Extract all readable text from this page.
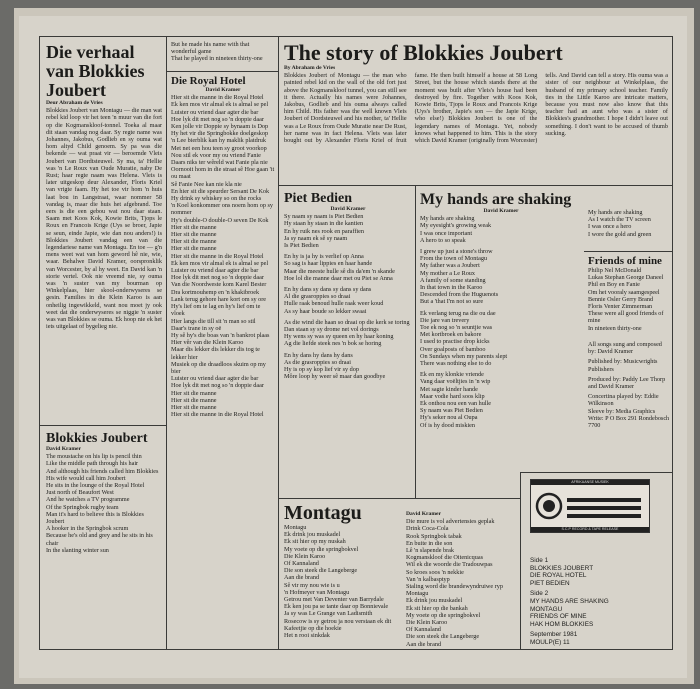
Die verhaal van Blokkies Joubert

Deur Abraham de Vries

Blokkies Joubert van Montagu — die man wat rebel kid loop vir het teen 'n muur van die fort op die Kogmanskloof-tonnel. Toeka al maar dit staan vandag nog daar. Sy regte name was Johannes, Jakobus, Godlieb en sy ouma wat hom altyd Child genoem. Sy pa was die bekende — wat praat vir — beroemde Vleis Joubert van Dordtsteuwel. Sy ma, ta' Hellie was 'n Le Roux van Oude Muratie, naby De Rust; haar regte naam was Helena. Vleis is later uitgeskop deur Alexander, Floris Kriel van vrigte faam. Hy het toe vir hom 'n huis laat bou in Langstraat, waar nommer 58 vandag is, maar die huis het afgebrand. Toe eers is die een gebou wat nou daar staan. Saam met Koos Kok, Kowie Brits, Tjops le Roux en Francois Krige (Uys se broer, Japie se seun, einde Japie, wie dan nou anders!) is Blokkies Joubert vandag een van die legendariese name van Montagu. En toe — g'n mens weet wat van hom geword hê nie, wie, waar. Behalwe David Kramer, oorspronklik van Worcester, by al hy weet. En David kan 'n storie vertel. Ook nie vreemd nie, sy ouma was 'n suster van my bourman op Winkelplaas, hier skool-onderwyseres se gesin. Families in die Klein Karoo is aan onheilig ingewikkeld, want nou moet jy ook weet dat die onderwyseres se niggie 'n suster was van Blokkies se ouma. Ek hoop nie ek het iets uitgelaat of bygelieg nie.

Blokkies Joubert

David Kramer

The moustache on his lip is pencil thin

Like the middle path through his hair

And although his friends called him Blokkies

His wife would call him Joubert

He sits in the lounge of the Royal Hotel

Just north of Beaufort West

And he watches a TV programme

Of the Springbok rugby team

Man it's hard to believe this is Blokkies Joubert

A hooker in the Springbok scrum

Because he's old and grey and he sits in his chair

In the slanting winter sun

But he made his name with that wonderful game

That he played in nineteen thirty-one

Die Royal Hotel

David Kramer

Hier sit die manne in die Royal Hotel

Ek ken mos vir almal ek is almal se pel

Luister ou vriend daar agter die bar

Hoe lyk dit met nog so 'n doppie daar

Ken jolle vir Doppie sy bynaam is Dop

Hy het vir die Springbokke doelgeskop

'n Lee bierblik kan hy maklik platdruk

Met net een hou teen sy groot voorkop

Nou stil ek voor my ou vriend Fanie

Daars niks ter wêreld wat Fanie pla nie

Oornooit hom in die straat sê Hoe gaan 'it ou maat

Sê Fanie Nee kan nie kla nie

En hier sit die speurder Sersant De Kok

Hy drink sy whiskey so on the rocks

'n Koel konkommer ons noem hom op sy nommer

Hy's double-O double-O seven De Kok

Hier sit die manne

Hier sit die manne

Hier sit die manne

Hier sit die manne

Hier sit die manne in die Royal Hotel

Ek ken mos vir almal ek is almal se pel

Luister ou vriend daar agter die bar

Hoe lyk dit met nog so 'n doppie daar

Van die Noordweste kom Karel Bester

Dra kortmouhemp en 'n khakibroek

Lank terug gehore hare kort om sy ore

Hy's lief om te lag en hy's lief om te vloek

Hier langs die till sit 'n man so stil

Daar's trane in sy oë

Hy sê hy's die boas van 'n bankrot plaas

Hier vêr van die Klein Karoo

Maar dis lekker dis lekker dis tog te lekker hier

Musiek op die draadloos skuim op my bier

Luister ou vriend daar agter die bar

Hoe lyk dit met nog so 'n doppie daar

Hier sit die manne

Hier sit die manne

Hier sit die manne

Hier sit die manne in die Royal Hotel

The story of Blokkies Joubert

By Abraham de Vries

Blokkies Joubert of Montagu — the man who painted rebel kid on the wall of the old fort just above the Kogmanskloof tunnel, you can still see it there. Actually his names were Johannes, Jakobus, Godlieb and his ouma always called him Child. His father was the well known Vleis Joubert of Dordsteuwel and his mother, ta' Hellie was a Le Roux from Oude Muratie near De Rust, her name was in fact Helena. Vleis was later bought out by Alexander Floris Kriel of fruit fame. He then built himself a house at 58 Long Street, but the house which stands there at the moment was built after Vleis's house had been destroyed by fire. Together with Koos Kok, Kowie Brits, Tjops le Roux and Francois Krige (Uys's brother, Japie's son — the Japie Krige, who else!) Blokkies Joubert is one of the legendary names of Montagu. Yet, nobody knows what happened to him. This is the story which David Kramer (originally from Worcester) tells. And David can tell a story. His ouma was a sister of our neighbour at Winkelplaas, the husband of my primary school teacher. Family ties in the Little Karoo are intricate matters, because you must now also know that this teacher had an aunt who was a sister of Blokkies's grandmother. I hope I didn't leave out something. I don't want to be accused of thumb sucking.

Piet Bedien

David Kramer

Sy naam sy naam is Piet Bedien

Hy staan hy staan in die kantien

En hy ruik nes rook en paraffien

Ja sy naam ek sê sy naam

Is Piet Bedien

En hy is ja hy is verlief op Anna

So sag is haar lippies en haar hande

Maar die meeste hulle sê dis da'em 'n skande

Hoe lol die manne daar met ou Piet se Anna

En hy dans sy dans sy dans sy dans

Al die grasroppies so draai

Hulle raak benoud hulle raak weer koud

As sy haar boude so lekker swaai

As die wind die haan so draai op die kerk se toring

Dan staan sy sy drome net vol dorings

Hy wens sy was sy queen en hy haar koning

Ag die liefde steek nes 'n bok se horing

En hy dans hy dans hy dans

As die grasroppies so draai

Hy is op sy kop lief vir sy dop

Môre loop hy weer sê maar dan goodbye

My hands are shaking

David Kramer

My hands are shaking

My eyesight's growing weak

I was once important

A hero to so speak

I grew up just a stone's throw

From the town of Montagu

My father was a Joubert

My mother a Le Roux

A family of some standing

In that town in the Karoo

Descended from the Huguenots

But a 'that I'm not so sure

Ek verlang terug na die ou dae

Die jare van trevery

Toe ek nog so 'n seuntjie was

Met kortbroek en bakore

I used to practise drop kicks

Over goalposts of bamboo

On Sundays when my parents slept

There was nothing else to do

Ek en my klonkie vriende

Vang daar voëltjies in 'n wip

Met sagte kinder hande

Maar vodie hard soos klip

Ek onthou nou een van hulle

Sy naam was Piet Bedien

Hy's seker nou al Oupa

Of is hy dood miskien

My hands are shaking

As I watch the TV screen

I was once a hero

I wore the gold and green

Friends of mine

Philip Nel McDonald

Lukas Stephan George Daneel

Phil en Boy en Fanie

Om het vooraly saamgespeel

Bennie Osler Gerry Brand

Floris Venter Zimmerman

These were all good friends of mine

In nineteen thirty-one

All songs sung and composed by: David Kramer

Published by: Musicwrights Publishers

Produced by: Paddy Lee Thorp and David Kramer

Concertina played by: Eddie Wilkinson

Sleeve by: Media Graphics

Write: P O Box 291 Rondebosch 7700

Montagu

Montagu

Ek drink jou muskadel

Ek sit hier op my nuskah

My voete op die springbokvel

Die Klein Karoo

Of Kannaland

Die son steek die Langeberge

Aan die brand

Sê vir my nou wie is u

'n Hofmeyer van Montagu

Getrou met Van Deventer van Barrydale

Ek ken jou pa se tante daar op Bonnievale

Ja sy was Le Grange van Ladismith

Rosecow is sy getrou ja nou verstaan ek dit

Kafeetjie op die hoekie

Het n rooi sinkdak

David Kramer

Die mure is vol advertensies geplak

Drink Coca-Cola

Rook Springbok tabak

En buite in die son

Lê 'n slapende brak

Kogmanskloof die Oitenicquas

Wil ek die woorde die Tradouwpas

So kroes soos 'n nekkie

Van 'n kalbasptyp

Staling word die brandewyndruiwe ryp

Montagu

Ek drink jou muskadel

Ek sit hier op die bankah

My voete op die springbokvel

Die Klein Karoo

Of Kannaland

Die son steek die Langeberge

Aan die brand

AFRIKAANSE MUSIEK
S.C.P RECORD & TAPE RELEASE

Side 1

BLOKKIES JOUBERT

DIE ROYAL HOTEL

PIET BEDIEN

Side 2

MY HANDS ARE SHAKING

MONTAGU

FRIENDS OF MINE

HAK HOM BLOKKIES

September 1981

MOULP(E) 11
